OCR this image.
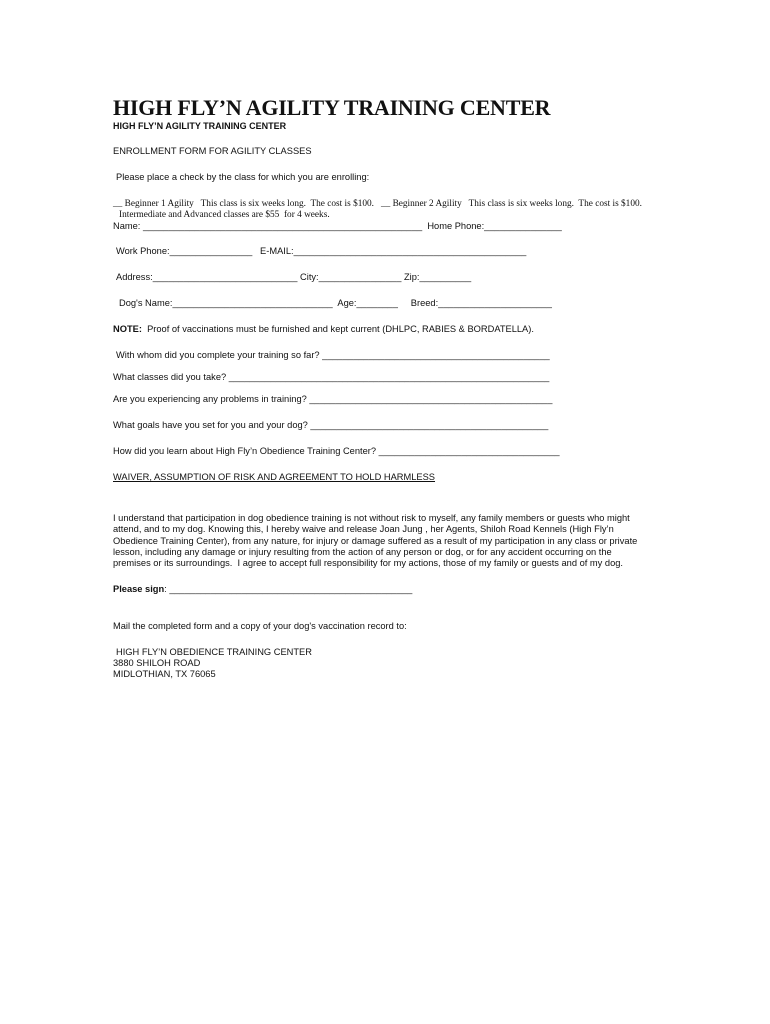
HIGH FLY’N AGILITY TRAINING CENTER
HIGH FLY’N AGILITY TRAINING CENTER
ENROLLMENT FORM FOR AGILITY CLASSES
Please place a check by the class for which you are enrolling:
__ Beginner 1 Agility   This class is six weeks long.  The cost is $100.   __ Beginner 2 Agility   This class is six weeks long.  The cost is $100.
Intermediate and Advanced classes are $55  for 4 weeks.
Name: ______________________________________________________  Home Phone:_______________
Work Phone:________________   E-MAIL:_____________________________________________
Address:____________________________ City:________________ Zip:__________
Dog's Name:_______________________________  Age:________     Breed:______________________
NOTE:  Proof of vaccinations must be furnished and kept current (DHLPC, RABIES & BORDATELLA).
With whom did you complete your training so far? ____________________________________________
What classes did you take? ______________________________________________________________
Are you experiencing any problems in training? _______________________________________________
What goals have you set for you and your dog? ______________________________________________
How did you learn about High Fly’n Obedience Training Center? ___________________________________
WAIVER, ASSUMPTION OF RISK AND AGREEMENT TO HOLD HARMLESS
I understand that participation in dog obedience training is not without risk to myself, any family members or guests who might
attend, and to my dog. Knowing this, I hereby waive and release Joan Jung , her Agents, Shiloh Road Kennels (High Fly’n
Obedience Training Center), from any nature, for injury or damage suffered as a result of my participation in any class or private
lesson, including any damage or injury resulting from the action of any person or dog, or for any accident occurring on the
premises or its surroundings.  I agree to accept full responsibility for my actions, those of my family or guests and of my dog.
Please sign: _______________________________________________
Mail the completed form and a copy of your dog's vaccination record to:
HIGH FLY’N OBEDIENCE TRAINING CENTER
3880 SHILOH ROAD
MIDLOTHIAN, TX 76065
